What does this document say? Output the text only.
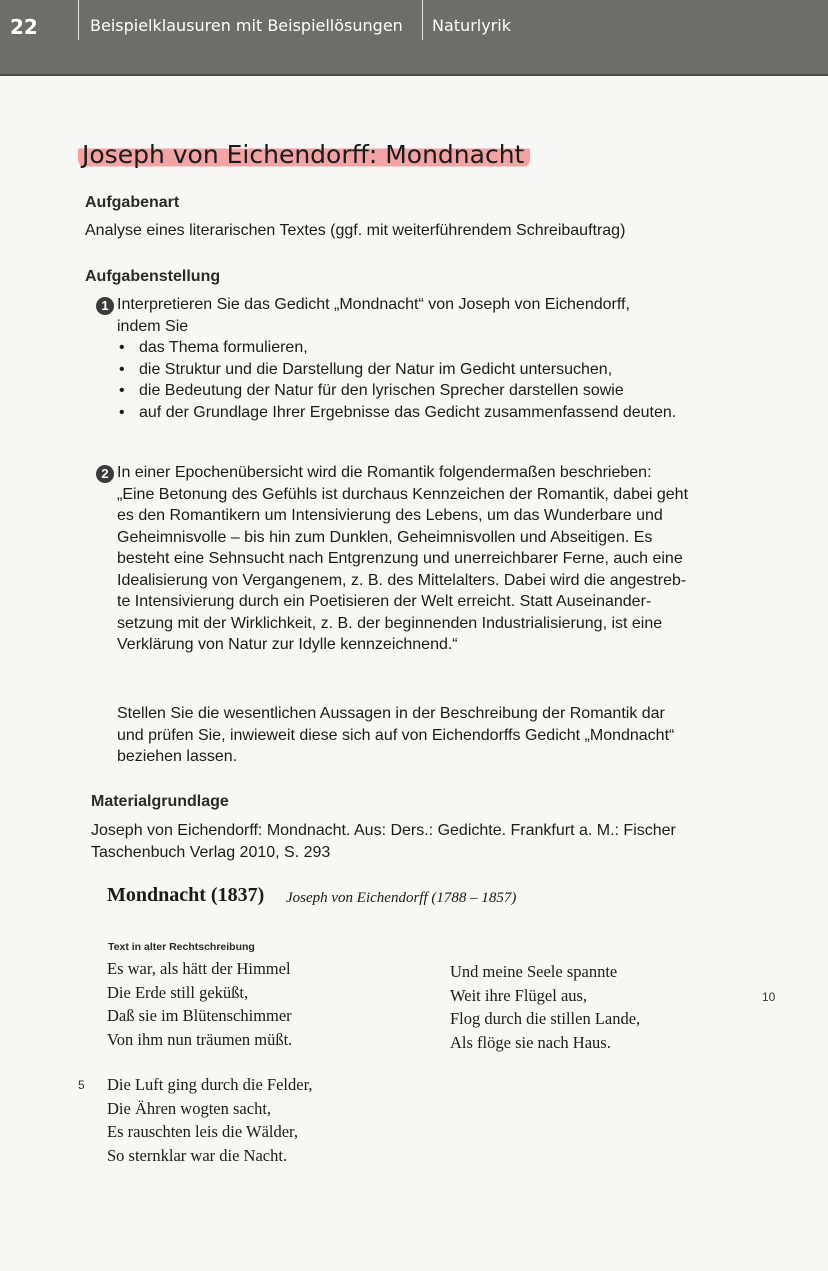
22	Beispielklausuren mit Beispiellösungen Naturlyrik
Joseph von Eichendorff: Mondnacht
Aufgabenart
Analyse eines literarischen Textes (ggf. mit weiterführendem Schreibauftrag)
Aufgabenstellung
1 Interpretieren Sie das Gedicht „Mondnacht“ von Joseph von Eichendorff,
indem Sie
• das Thema formulieren,
• die Struktur und die Darstellung der Natur im Gedicht untersuchen,
• die Bedeutung der Natur für den lyrischen Sprecher darstellen sowie
• auf der Grundlage Ihrer Ergebnisse das Gedicht zusammenfassend deuten.
2 In einer Epochenübersicht wird die Romantik folgendermaßen beschrieben:
„Eine Betonung des Gefühls ist durchaus Kennzeichen der Romantik, dabei geht
es den Romantikern um Intensivierung des Lebens, um das Wunderbare und
Geheimnisvolle – bis hin zum Dunklen, Geheimnisvollen und Abseitigen. Es
besteht eine Sehnsucht nach Entgrenzung und unerreichbarer Ferne, auch eine
Idealisierung von Vergangenem, z. B. des Mittelalters. Dabei wird die angestreb-
te Intensivierung durch ein Poetisieren der Welt erreicht. Statt Auseinander-
setzung mit der Wirklichkeit, z. B. der beginnenden Industrialisierung, ist eine
Verklärung von Natur zur Idylle kennzeichnend.“
Stellen Sie die wesentlichen Aussagen in der Beschreibung der Romantik dar
und prüfen Sie, inwieweit diese sich auf von Eichendorffs Gedicht „Mondnacht“
beziehen lassen.
Materialgrundlage
Joseph von Eichendorff: Mondnacht. Aus: Ders.: Gedichte. Frankfurt a. M.: Fischer
Taschenbuch Verlag 2010, S. 293
Mondnacht (1837) Joseph von Eichendorff (1788 – 1857)
Text in alter Rechtschreibung
Es war, als hätt der Himmel
Die Erde still geküßt,
Daß sie im Blütenschimmer
Von ihm nun träumen müßt.
5 Die Luft ging durch die Felder,
Die Ähren wogten sacht,
Es rauschten leis die Wälder,
So sternklar war die Nacht.
Und meine Seele spannte
Weit ihre Flügel aus,
Flog durch die stillen Lande,
Als flöge sie nach Haus.
10
